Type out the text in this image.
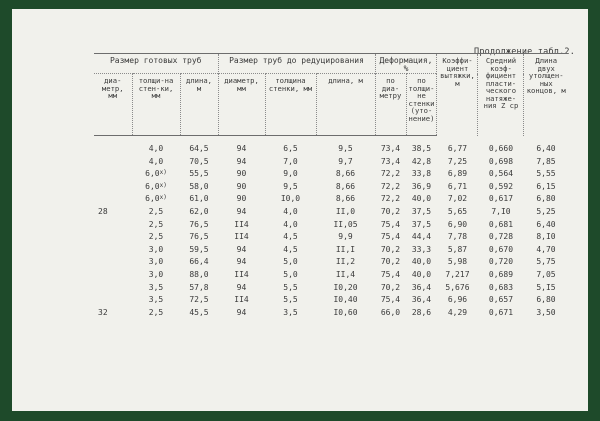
Продолжение табл.2.
Размер готовых труб			Размер труб до редуцирования			Деформация, %		Коэффи-циент вытяжки, м	Средний коэф-фициент пласти-ческого натяже-ния Z ср	Длина двух утолщен-ных концов, м

диа-метр, мм	толщи-на стен-ки, мм	длина, м	диаметр, мм	толщина стенки, мм	длина, м	по диа-метру	по толщи-не стенки (уто-нение)			

	4,0	64,5	94	6,5	9,5	73,4	38,5	6,77	0,660	6,40
	4,0	70,5	94	7,0	9,7	73,4	42,8	7,25	0,698	7,85
	6,0$^{x)}$	55,5	90	9,0	8,66	72,2	33,8	6,89	0,564	5,55
	6,0$^{x)}$	58,0	90	9,5	8,66	72,2	36,9	6,71	0,592	6,15
	6,0$^{x)}$	61,0	90	I0,0	8,66	72,2	40,0	7,02	0,617	6,80
28	2,5	62,0	94	4,0	II,0	70,2	37,5	5,65	7,I0	5,25
	2,5	76,5	II4	4,0	II,05	75,4	37,5	6,90	0,681	6,40
	2,5	76,5	II4	4,5	9,9	75,4	44,4	7,78	0,728	8,I0
	3,0	59,5	94	4,5	II,I	70,2	33,3	5,87	0,670	4,70
	3,0	66,4	94	5,0	II,2	70,2	40,0	5,98	0,720	5,75
	3,0	88,0	II4	5,0	II,4	75,4	40,0	7,217	0,689	7,05
	3,5	57,8	94	5,5	I0,20	70,2	36,4	5,676	0,683	5,I5
	3,5	72,5	II4	5,5	I0,40	75,4	36,4	6,96	0,657	6,80
32	2,5	45,5	94	3,5	I0,60	66,0	28,6	4,29	0,671	3,50
